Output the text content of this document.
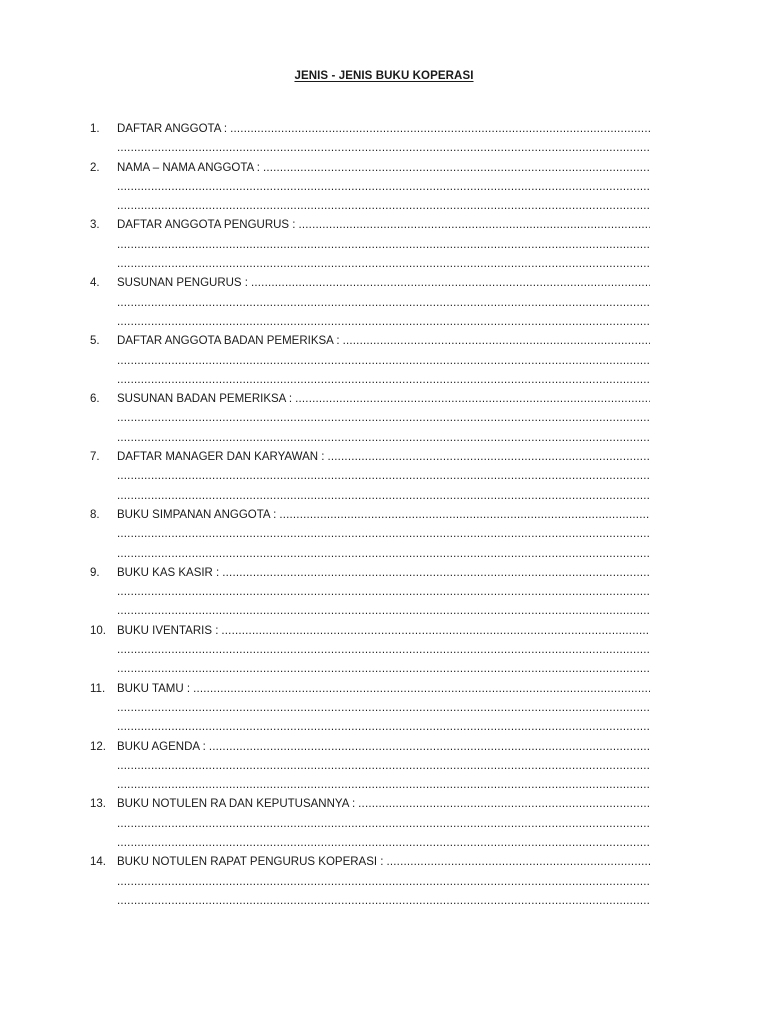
JENIS - JENIS BUKU KOPERASI
1.	DAFTAR ANGGOTA :
.....
.....
2.	NAMA – NAMA ANGGOTA :
.....
.....
.....
3.	DAFTAR ANGGOTA PENGURUS :
.....
.....
.....
4.	SUSUNAN PENGURUS :
.....
.....
.....
5.	DAFTAR ANGGOTA BADAN PEMERIKSA :
.....
.....
.....
6.	SUSUNAN BADAN PEMERIKSA :
.....
.....
.....
7.	DAFTAR MANAGER DAN KARYAWAN :
.....
.....
.....
8.	BUKU SIMPANAN ANGGOTA :
.....
.....
.....
9.	BUKU KAS KASIR :
.....
.....
.....
10. BUKU IVENTARIS :
.....
.....
.....
11.	BUKU TAMU :
.....
.....
.....
12. BUKU AGENDA :
.....
.....
.....
13. BUKU NOTULEN RA DAN KEPUTUSANNYA :
.....
.....
.....
14. BUKU NOTULEN RAPAT PENGURUS KOPERASI :
.....
.....
.....
